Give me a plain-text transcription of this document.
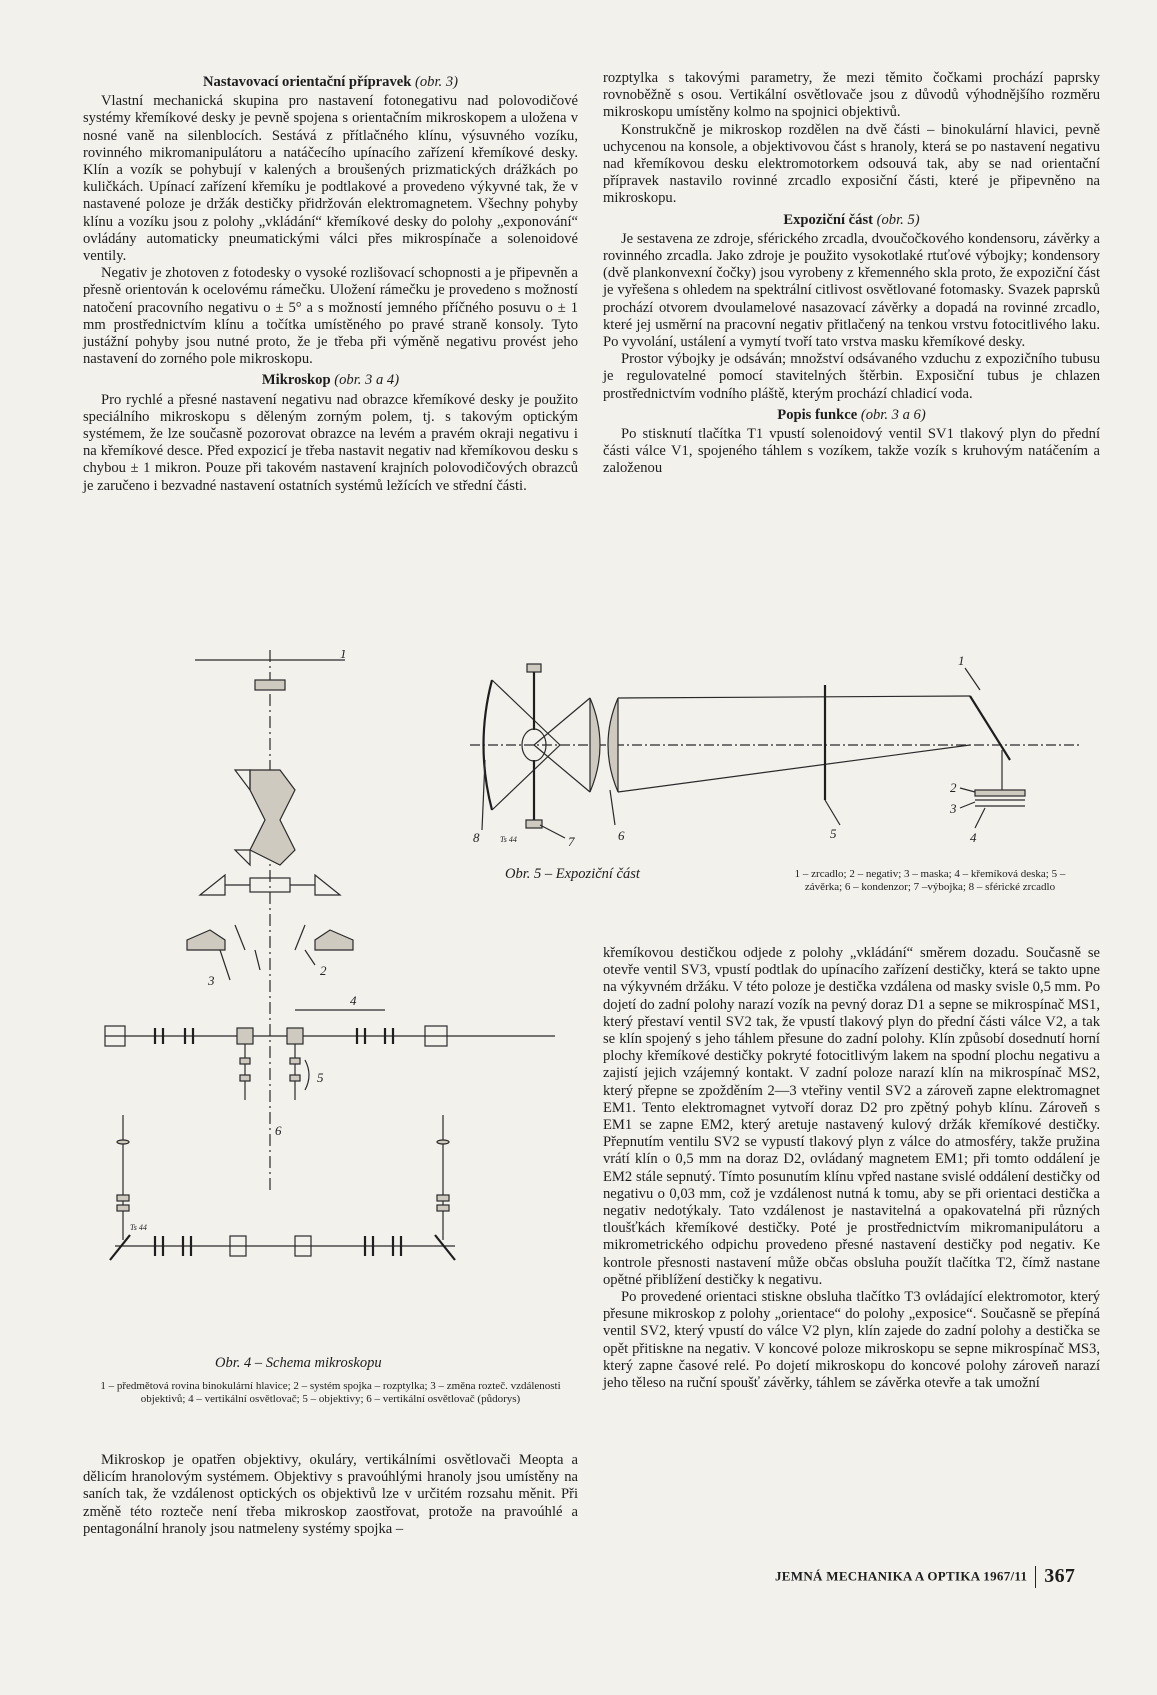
Nastavovací orientační přípravek (obr. 3)

Vlastní mechanická skupina pro nastavení fotonegativu nad polovodičové systémy křemíkové desky je pevně spojena s orientačním mikroskopem a uložena v nosné vaně na silenblocích. Sestává z přítlačného klínu, výsuvného vozíku, rovinného mikromanipulátoru a natáčecího upínacího zařízení křemíkové desky. Klín a vozík se pohybují v kalených a broušených prizmatických drážkách po kuličkách. Upínací zařízení křemíku je podtlakové a provedeno výkyvné tak, že v nastavené poloze je držák destičky přidržován elektromagnetem. Všechny pohyby klínu a vozíku jsou z polohy „vkládání“ křemíkové desky do polohy „exponování“ ovládány automaticky pneumatickými válci přes mikrospínače a solenoidové ventily.

Negativ je zhotoven z fotodesky o vysoké rozlišovací schopnosti a je připevněn a přesně orientován k ocelovému rámečku. Uložení rámečku je provedeno s možností natočení pracovního negativu o ± 5° a s možností jemného příčného posuvu o ± 1 mm prostřednictvím klínu a točítka umístěného po pravé straně konsoly. Tyto justážní pohyby jsou nutné proto, že je třeba při výměně negativu provést jeho nastavení do zorného pole mikroskopu.

Mikroskop (obr. 3 a 4)

Pro rychlé a přesné nastavení negativu nad obrazce křemíkové desky je použito speciálního mikroskopu s děleným zorným polem, tj. s takovým optickým systémem, že lze současně pozorovat obrazce na levém a pravém okraji negativu i na křemíkové desce. Před expozicí je třeba nastavit negativ nad křemíkovou desku s chybou ± 1 mikron. Pouze při takovém nastavení krajních polovodičových obrazců je zaručeno i bezvadné nastavení ostatních systémů ležících ve střední části.

rozptylka s takovými parametry, že mezi těmito čočkami prochází paprsky rovnoběžně s osou. Vertikální osvětlovače jsou z důvodů výhodnějšího rozměru mikroskopu umístěny kolmo na spojnici objektivů.

Konstrukčně je mikroskop rozdělen na dvě části – binokulární hlavici, pevně uchycenou na konsole, a objektivovou část s hranoly, která se po nastavení negativu nad křemíkovou desku elektromotorkem odsouvá tak, aby se nad orientační přípravek nastavilo rovinné zrcadlo exposiční části, které je připevněno na mikroskopu.

Expoziční část (obr. 5)

Je sestavena ze zdroje, sférického zrcadla, dvoučočkového kondensoru, závěrky a rovinného zrcadla. Jako zdroje je použito vysokotlaké rtuťové výbojky; kondensory (dvě plankonvexní čočky) jsou vyrobeny z křemenného skla proto, že expoziční část je vyřešena s ohledem na spektrální citlivost osvětlované fotomasky. Svazek paprsků prochází otvorem dvoulamelové nasazovací závěrky a dopadá na rovinné zrcadlo, které jej usměrní na pracovní negativ přitlačený na tenkou vrstvu fotocitlivého laku. Po vyvolání, ustálení a vymytí tvoří tato vrstva masku křemíkové desky.

Prostor výbojky je odsáván; množství odsávaného vzduchu z expozičního tubusu je regulovatelné pomocí stavitelných štěrbin. Exposiční tubus je chlazen prostřednictvím vodního pláště, kterým prochází chladicí voda.

Popis funkce (obr. 3 a 6)

Po stisknutí tlačítka T1 vpustí solenoidový ventil SV1 tlakový plyn do přední části válce V1, spojeného táhlem s vozíkem, takže vozík s kruhovým natáčením a založenou

1
2
3
4
5
6
7
8	Ts 44
Obr. 5 – Expoziční část	1 – zrcadlo; 2 – negativ; 3 – maska; 4 – křemíková deska; 5 – závěrka; 6 – kondenzor; 7 –výbojka; 8 – sférické zrcadlo
2
3
4
5
6
1
Ts 44
Obr. 4 – Schema mikroskopu
1 – předmětová rovina binokulární hlavice; 2 – systém spojka – rozptylka; 3 – změna rozteč. vzdálenosti objektivů; 4 – vertikální osvětlovač; 5 – objektivy; 6 – vertikální osvětlovač (půdorys)

křemíkovou destičkou odjede z polohy „vkládání“ směrem dozadu. Současně se otevře ventil SV3, vpustí podtlak do upínacího zařízení destičky, která se takto upne na výkyvném držáku. V této poloze je destička vzdálena od masky svisle 0,5 mm. Po dojetí do zadní polohy narazí vozík na pevný doraz D1 a sepne se mikrospínač MS1, který přestaví ventil SV2 tak, že vpustí tlakový plyn do přední části válce V2, a tak se klín spojený s jeho táhlem přesune do zadní polohy. Klín způsobí dosednutí horní plochy křemíkové destičky pokryté fotocitlivým lakem na spodní plochu negativu a zajistí jejich vzájemný kontakt. V zadní poloze narazí klín na mikrospínač MS2, který přepne se zpožděním 2—3 vteřiny ventil SV2 a zároveň zapne elektromagnet EM1. Tento elektromagnet vytvoří doraz D2 pro zpětný pohyb klínu. Zároveň s EM1 se zapne EM2, který aretuje nastavený kulový držák křemíkové destičky. Přepnutím ventilu SV2 se vypustí tlakový plyn z válce do atmosféry, takže pružina vrátí klín o 0,5 mm na doraz D2, ovládaný magnetem EM1; při tomto oddálení je EM2 stále sepnutý. Tímto posunutím klínu vpřed nastane svislé oddálení destičky od negativu o 0,03 mm, což je vzdálenost nutná k tomu, aby se při orientaci destička a negativ nedotýkaly. Tato vzdálenost je nastavitelná a opakovatelná při různých tloušťkách křemíkové destičky. Poté je prostřednictvím mikromanipulátoru a mikrometrického odpichu provedeno přesné nastavení destičky pod negativ. Ke kontrole přesnosti nastavení může občas obsluha použít tlačítka T2, čímž nastane opětné přiblížení destičky k negativu.

Po provedené orientaci stiskne obsluha tlačítko T3 ovládající elektromotor, který přesune mikroskop z polohy „orientace“ do polohy „exposice“. Současně se přepíná ventil SV2, který vpustí do válce V2 plyn, klín zajede do zadní polohy a destička se opět přitiskne na negativ. V koncové poloze mikroskopu se sepne mikrospínač MS3, který zapne časové relé. Po dojetí mikroskopu do koncové polohy zároveň narazí jeho těleso na ruční spoušť závěrky, táhlem se závěrka otevře a tak umožní

Mikroskop je opatřen objektivy, okuláry, vertikálními osvětlovači Meopta a dělicím hranolovým systémem. Objektivy s pravoúhlými hranoly jsou umístěny na saních tak, že vzdálenost optických os objektivů lze v určitém rozsahu měnit. Při změně této rozteče není třeba mikroskop zaostřovat, protože na pravoúhlé a pentagonální hranoly jsou natmeleny systémy spojka –

JEMNÁ MECHANIKA A OPTIKA 1967/11 367
